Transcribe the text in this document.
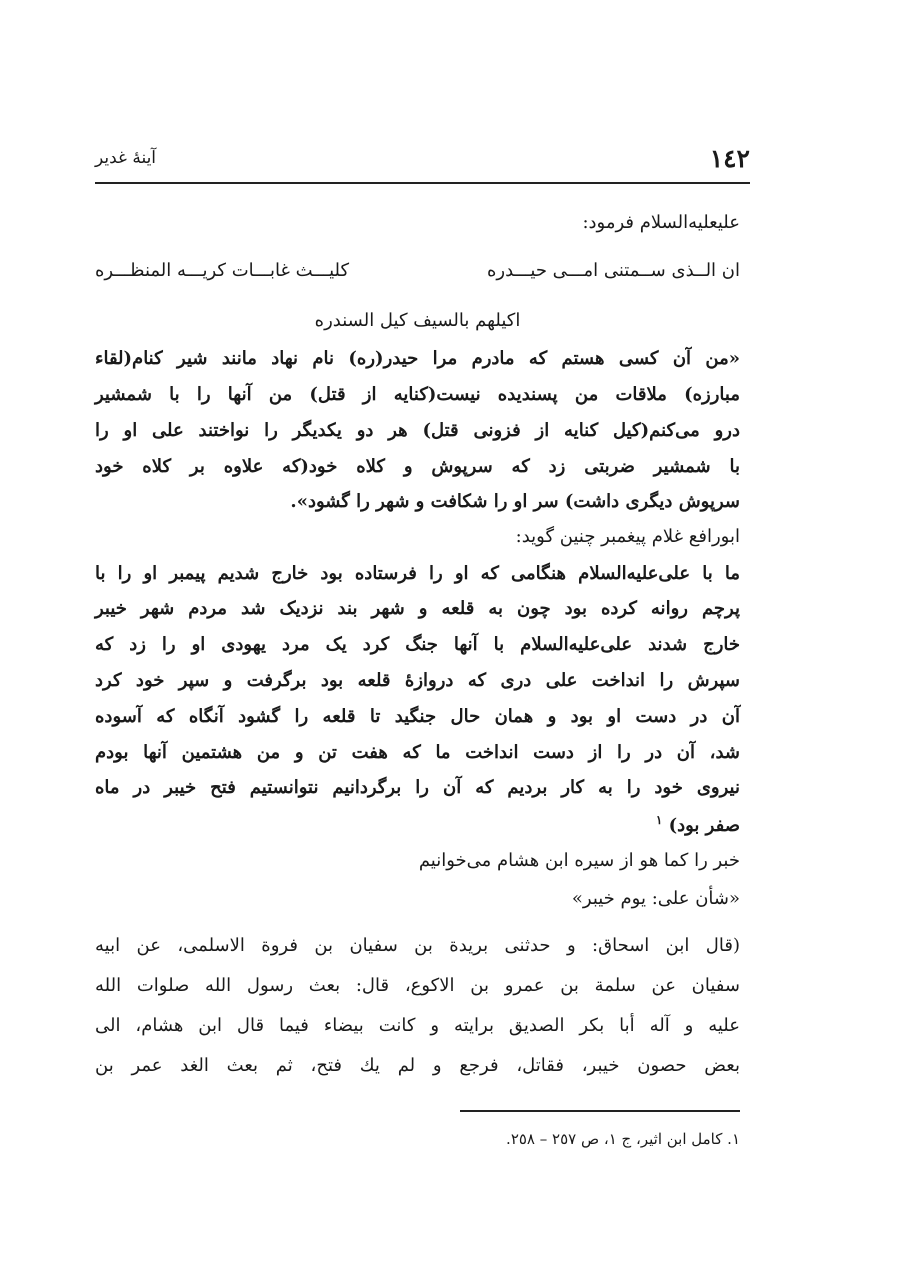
١٤٢
آينهٔ غدير
علیعلیه‌السلام فرمود:
ان الــذی ســمتنی امـــی حیـــدره
کلیـــث غابـــات کریـــه المنظـــره
اکیلهم بالسیف کیل السندره
«من آن کسی هستم که مادرم مرا حیدر(ره) نام نهاد مانند شیر کنام(لقاء
مبارزه) ملاقات من پسندیده نیست(کنایه از قتل) من آنها را با شمشیر
درو می‌کنم(کیل کنایه از فزونی قتل) هر دو یکدیگر را نواختند علی او را
با شمشیر ضربتی زد که سرپوش و کلاه خود(که علاوه بر کلاه خود
سرپوش دیگری داشت) سر او را شکافت و شهر را گشود».
ابورافع غلام پیغمبر چنین گوید:
ما با علی‌علیه‌السلام هنگامی که او را فرستاده بود خارج شدیم پیمبر او را با
پرچم روانه کرده بود چون به قلعه و شهر بند نزدیک شد مردم شهر خیبر
خارج شدند علی‌علیه‌السلام با آنها جنگ کرد یک مرد یهودی او را زد که
سپرش را انداخت علی دری که دروازهٔ قلعه بود برگرفت و سپر خود کرد
آن در دست او بود و همان حال جنگید تا قلعه را گشود آنگاه که آسوده
شد، آن در را از دست انداخت ما که هفت تن و من هشتمین آنها بودم
نیروی خود را به کار بردیم که آن را برگردانیم نتوانستیم فتح خیبر در ماه
صفر بود) $^١$
خبر را کما هو از سیره ابن هشام می‌خوانیم
«شأن علی: یوم خیبر»
(قال ابن اسحاق: و حدثنی بریدة بن سفیان بن فروة الاسلمی، عن ابیه
سفیان عن سلمة بن عمرو بن الاکوع، قال: بعث رسول الله صلوات الله
علیه و آله أبا بکر الصدیق برایته و کانت بیضاء فیما قال ابن هشام، الی
بعض حصون خیبر، فقاتل، فرجع و لم یك فتح، ثم بعث الغد عمر بن
١. کامل ابن اثیر، ج ١، ص ٢٥٧ – ٢٥٨.
